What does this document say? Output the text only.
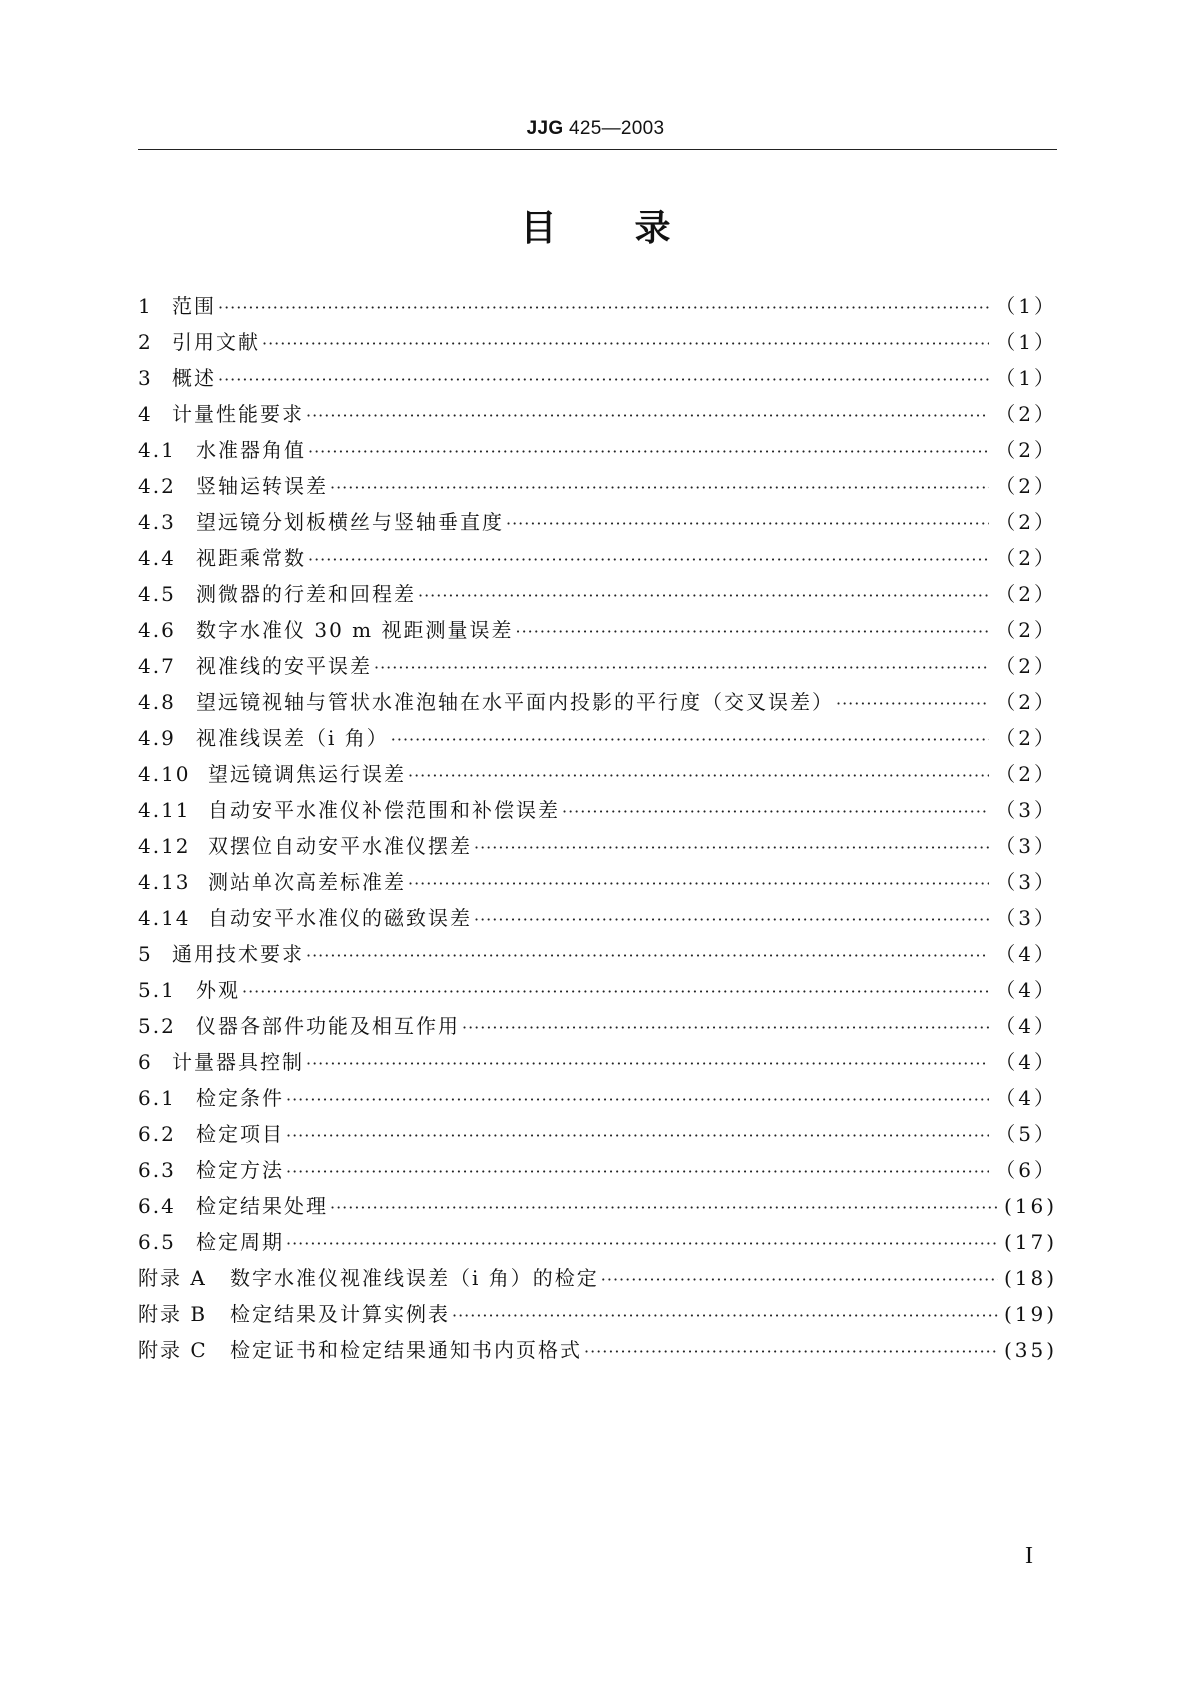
JJG 425—2003
目 录
1 范围 ·····	（1）
2 引用文献 ·····	（1）
3 概述 ·····	（1）
4 计量性能要求 ·····	（2）
4.1	水准器角值 ·····	（2）
4.2	竖轴运转误差 ·····	（2）
4.3	望远镜分划板横丝与竖轴垂直度 ·····	（2）
4.4	视距乘常数 ·····	（2）
4.5	测微器的行差和回程差 ·····	（2）
4.6	数字水准仪 30 m 视距测量误差 ·····	（2）
4.7	视准线的安平误差 ·····	（2）
4.8	望远镜视轴与管状水准泡轴在水平面内投影的平行度（交叉误差） ·····	（2）
4.9	视准线误差（i 角） ·····	（2）
4.10 望远镜调焦运行误差 ·····	（2）
4.11 自动安平水准仪补偿范围和补偿误差 ·····	（3）
4.12 双摆位自动安平水准仪摆差 ·····	（3）
4.13 测站单次高差标准差 ·····	（3）
4.14 自动安平水准仪的磁致误差 ·····	（3）
5 通用技术要求 ·····	（4）
5.1	外观 ·····	（4）
5.2	仪器各部件功能及相互作用 ·····	（4）
6 计量器具控制 ·····	（4）
6.1	检定条件 ·····	（4）
6.2	检定项目 ·····	（5）
6.3	检定方法 ·····	（6）
6.4	检定结果处理 ·····	(16)
6.5	检定周期 ·····	(17)
附录 A	数字水准仪视准线误差（i 角）的检定 ·····	(18)
附录 B	检定结果及计算实例表 ·····	(19)
附录 C	检定证书和检定结果通知书内页格式 ·····	(35)
I
